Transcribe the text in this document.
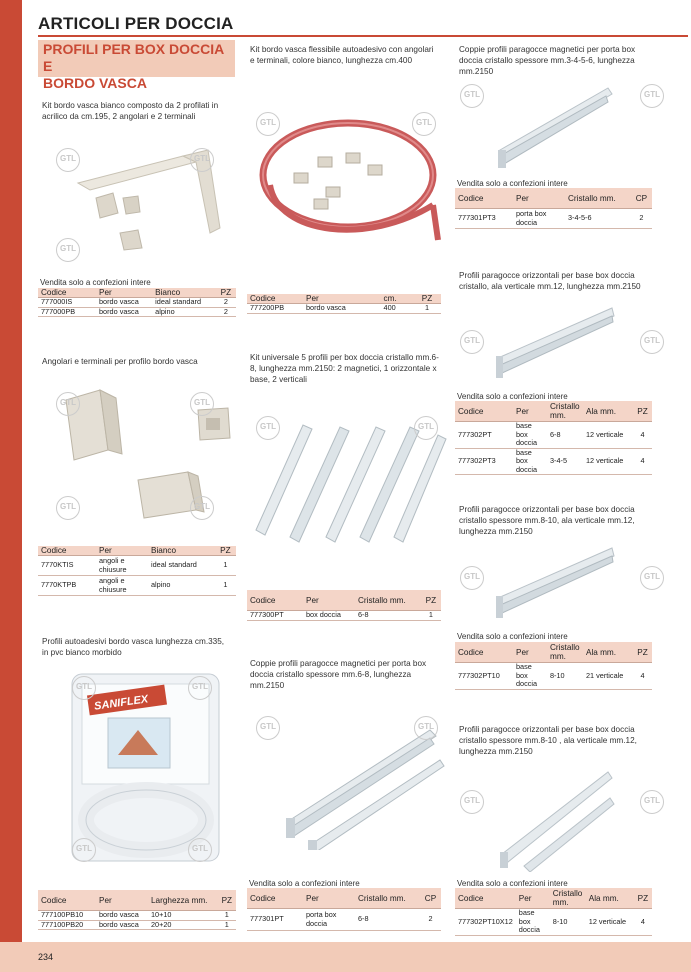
ARTICOLI PER DOCCIA
PROFILI PER BOX DOCCIA E
BORDO VASCA
Kit bordo vasca bianco composto da 2 profilati in acrilico da cm.195, 2 angolari e 2 terminali
GTL	GTL
GTL
Vendita solo a confezioni intere
Codice	Per	Bianco	PZ
777000IS	bordo vasca	ideal standard	2
777000PB	bordo vasca	alpino	2
Kit bordo vasca flessibile autoadesivo con angolari e terminali, colore bianco, lunghezza cm.400
GTL	GTL
Codice	Per	cm.	PZ
777200PB	bordo vasca	400	1
Coppie profili paragocce magnetici per porta box doccia cristallo spessore mm.3-4-5-6, lunghezza mm.2150
GTL	GTL
Vendita solo a confezioni intere
Codice	Per	Cristallo mm.	CP
777301PT3	porta box doccia	3-4-5-6	2
Profili paragocce orizzontali per base box doccia cristallo, ala verticale mm.12, lunghezza mm.2150
GTL	GTL
Vendita solo a confezioni intere
Codice	Per	Cristallo mm.	Ala mm.	PZ
777302PT	base box doccia	6-8	12 verticale	4
777302PT3	base box doccia	3-4-5	12 verticale	4
Angolari e terminali per profilo bordo vasca
GTL	GTL
GTL	GTL
Codice	Per	Bianco	PZ
7770KTIS	angoli e chiusure	ideal standard	1
7770KTPB	angoli e chiusure	alpino	1
Kit universale 5 profili per box doccia cristallo mm.6-8, lunghezza mm.2150: 2 magnetici, 1 orizzontale x base, 2 verticali
GTL	GTL
Codice	Per	Cristallo mm.	PZ
777300PT	box doccia	6-8	1
Profili paragocce orizzontali per base box doccia cristallo spessore mm.8-10, ala verticale mm.12, lunghezza mm.2150
GTL	GTL
Vendita solo a confezioni intere
Codice	Per	Cristallo mm.	Ala mm.	PZ
777302PT10	base box doccia	8-10	21 verticale	4
Profili autoadesivi bordo vasca lunghezza cm.335, in pvc bianco morbido
SANIFLEX
GTL	GTL
GTL	GTL
Codice	Per	Larghezza mm.	PZ
777100PB10	bordo vasca	10+10	1
777100PB20	bordo vasca	20+20	1
Coppie profili paragocce magnetici per porta box doccia cristallo spessore mm.6-8, lunghezza mm.2150
GTL	GTL
Vendita solo a confezioni intere
Codice	Per	Cristallo mm.	CP
777301PT	porta box doccia	6-8	2
Profili paragocce orizzontali per base box doccia cristallo spessore mm.8-10 , ala verticale mm.12, lunghezza mm.2150
GTL	GTL
Vendita solo a confezioni intere
Codice	Per	Cristallo mm.	Ala mm.	PZ
777302PT10X12	base box doccia	8-10	12 verticale	4
234
